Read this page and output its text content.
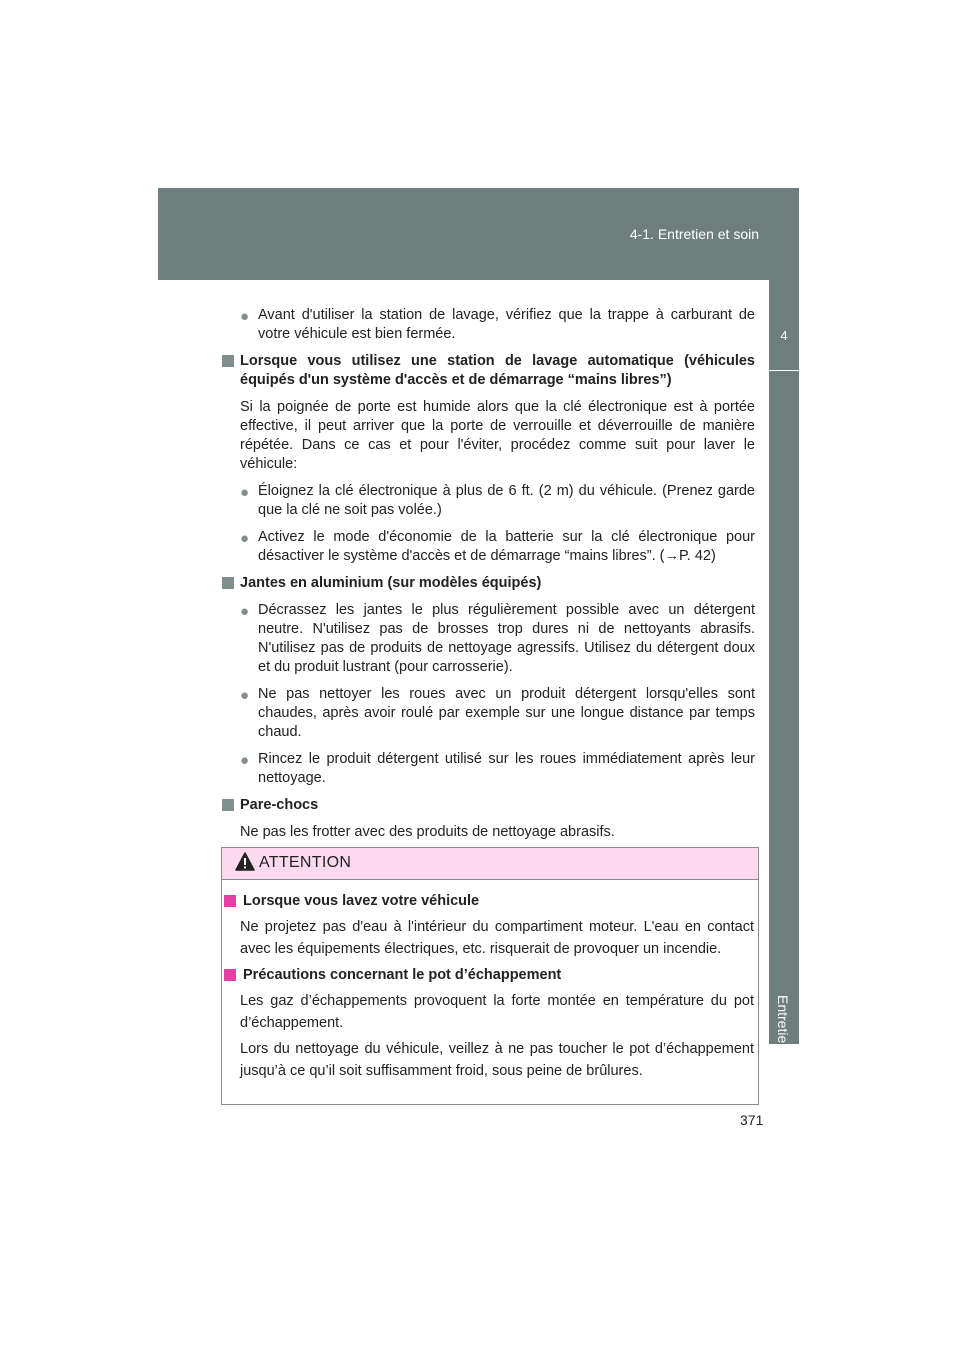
4-1. Entretien et soin
4
Entretien et soin
● Avant d'utiliser la station de lavage, vérifiez que la trappe à carburant de votre véhicule est bien fermée.
Lorsque vous utilisez une station de lavage automatique (véhicules équipés d'un système d'accès et de démarrage “mains libres”)
Si la poignée de porte est humide alors que la clé électronique est à portée effective, il peut arriver que la porte de verrouille et déverrouille de manière répétée. Dans ce cas et pour l'éviter, procédez comme suit pour laver le véhicule:
● Éloignez la clé électronique à plus de 6 ft. (2 m) du véhicule. (Prenez garde que la clé ne soit pas volée.)
● Activez le mode d'économie de la batterie sur la clé électronique pour désactiver le système d'accès et de démarrage “mains libres”. (→P. 42)
Jantes en aluminium (sur modèles équipés)
● Décrassez les jantes le plus régulièrement possible avec un détergent neutre. N'utilisez pas de brosses trop dures ni de nettoyants abrasifs. N'utilisez pas de produits de nettoyage agressifs. Utilisez du détergent doux et du produit lustrant (pour carrosserie).
● Ne pas nettoyer les roues avec un produit détergent lorsqu'elles sont chaudes, après avoir roulé par exemple sur une longue distance par temps chaud.
● Rincez le produit détergent utilisé sur les roues immédiatement après leur nettoyage.
Pare-chocs
Ne pas les frotter avec des produits de nettoyage abrasifs.
ATTENTION
Lorsque vous lavez votre véhicule
Ne projetez pas d'eau à l'intérieur du compartiment moteur. L'eau en contact avec les équipements électriques, etc. risquerait de provoquer un incendie.
Précautions concernant le pot d’échappement
Les gaz d’échappements provoquent la forte montée en température du pot d’échappement.
Lors du nettoyage du véhicule, veillez à ne pas toucher le pot d’échappement jusqu’à ce qu’il soit suffisamment froid, sous peine de brûlures.
371
